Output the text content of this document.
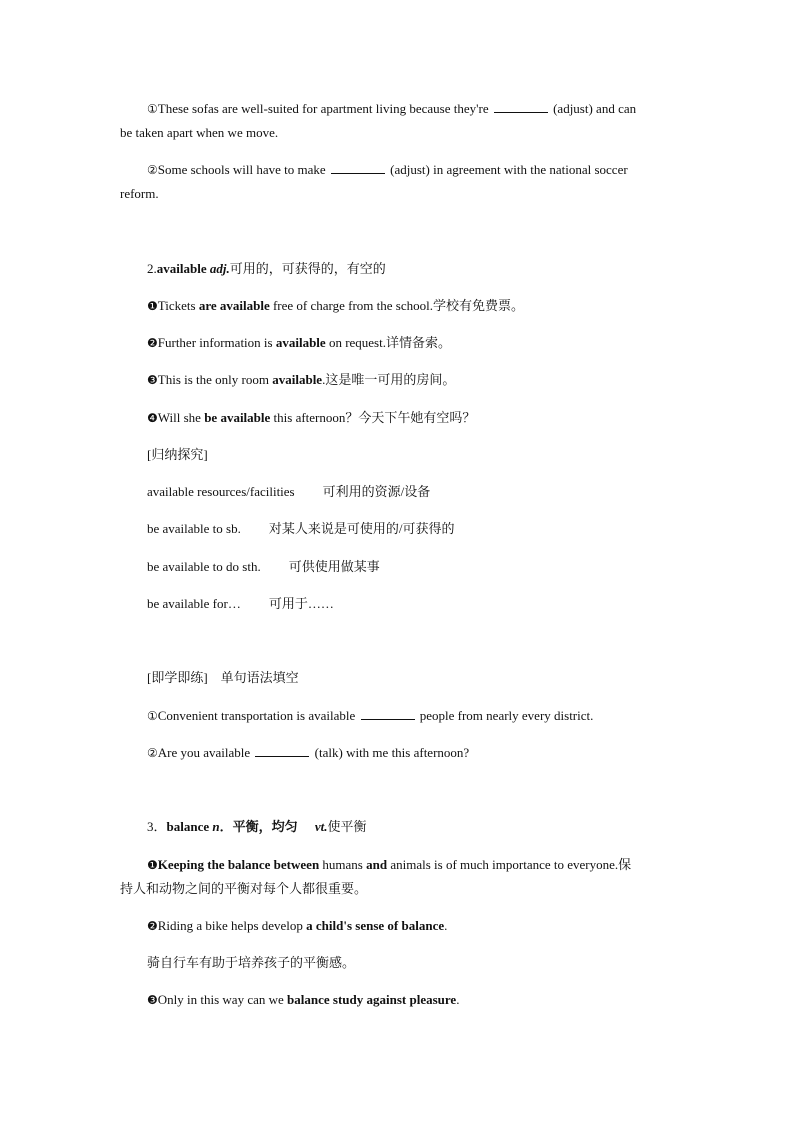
①These sofas are well-suited for apartment living because they're	(adjust) and can
be taken apart when we move.
②Some schools will have to make	(adjust) in agreement with the national soccer
reform.
2.available adj.可用的，可获得的，有空的
❶Tickets are available free of charge from the school.学校有免费票。
❷Further information is available on request.详情备索。
❸This is the only room available.这是唯一可用的房间。
❹Will she be available this afternoon？今天下午她有空吗？
[归纳探究]
available resources/facilities 可利用的资源/设备
be available to sb. 对某人来说是可使用的/可获得的
be available to do sth. 可供使用做某事
be available for… 可用于……
[即学即练]　单句语法填空
①Convenient transportation is available	people from nearly every district.
②Are you available	(talk) with me this afternoon?
3．balance n．平衡，均匀 vt.使平衡
❶Keeping the balance between humans and animals is of much importance to everyone.保
持人和动物之间的平衡对每个人都很重要。
❷Riding a bike helps develop a child's sense of balance.
骑自行车有助于培养孩子的平衡感。
❸Only in this way can we balance study against pleasure.
